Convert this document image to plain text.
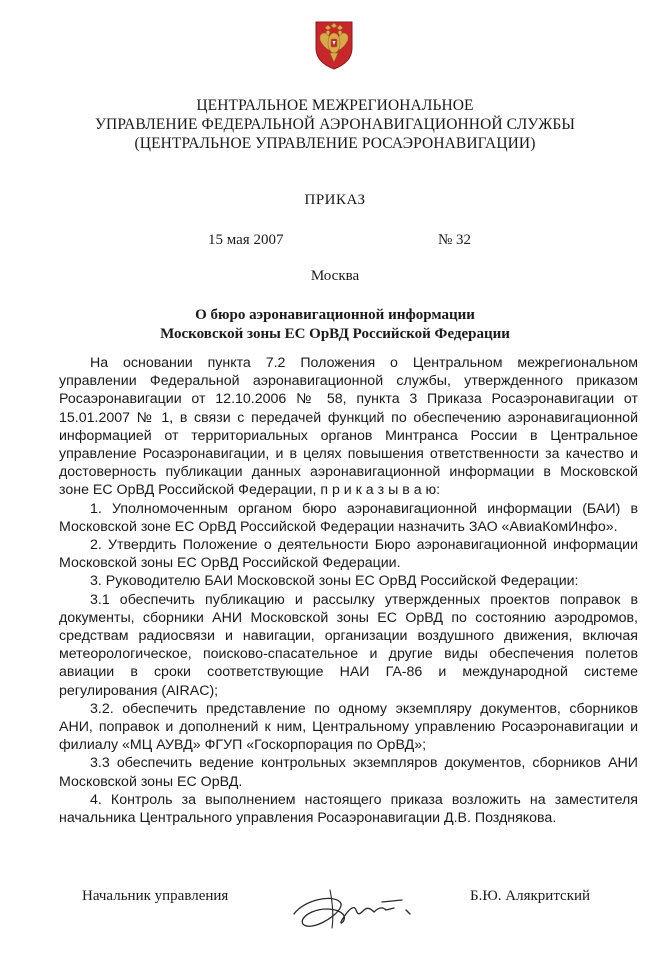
ЦЕНТРАЛЬНОЕ МЕЖРЕГИОНАЛЬНОЕ
УПРАВЛЕНИЕ ФЕДЕРАЛЬНОЙ АЭРОНАВИГАЦИОННОЙ СЛУЖБЫ
(ЦЕНТРАЛЬНОЕ УПРАВЛЕНИЕ РОСАЭРОНАВИГАЦИИ)
ПРИКАЗ
15 мая 2007	№ 32
Москва
О бюро аэронавигационной информации
Московской зоны ЕС ОрВД Российской Федерации

На основании пункта 7.2 Положения о Центральном межрегиональном управлении Федеральной аэронавигационной службы, утвержденного приказом Росаэронавигации от 12.10.2006 № 58, пункта 3 Приказа Росаэронавигации от 15.01.2007 № 1, в связи с передачей функций по обеспечению аэронавигационной информацией от территориальных органов Минтранса России в Центральное управление Росаэронавигации, и в целях повышения ответственности за качество и достоверность публикации данных аэронавигационной информации в Московской зоне ЕС ОрВД Российской Федерации, п р и к а з ы в а ю:

1. Уполномоченным органом бюро аэронавигационной информации (БАИ) в Московской зоне ЕС ОрВД Российской Федерации назначить ЗАО «АвиаКомИнфо».

2. Утвердить Положение о деятельности Бюро аэронавигационной информации Московской зоны ЕС ОрВД Российской Федерации.

3. Руководителю БАИ Московской зоны ЕС ОрВД Российской Федерации:

3.1 обеспечить публикацию и рассылку утвержденных проектов поправок в документы, сборники АНИ Московской зоны ЕС ОрВД по состоянию аэродромов, средствам радиосвязи и навигации, организации воздушного движения, включая метеорологическое, поисково-спасательное и другие виды обеспечения полетов авиации в сроки соответствующие НАИ ГА-86 и международной системе регулирования (AIRAC);

3.2. обеспечить представление по одному экземпляру документов, сборников АНИ, поправок и дополнений к ним, Центральному управлению Росаэронавигации и филиалу «МЦ АУВД» ФГУП «Госкорпорация по ОрВД»;

3.3 обеспечить ведение контрольных экземпляров документов, сборников АНИ Московской зоны ЕС ОрВД.

4. Контроль за выполнением настоящего приказа возложить на заместителя начальника Центрального управления Росаэронавигации Д.В. Позднякова.

Начальник управления	Б.Ю. Алякритский
